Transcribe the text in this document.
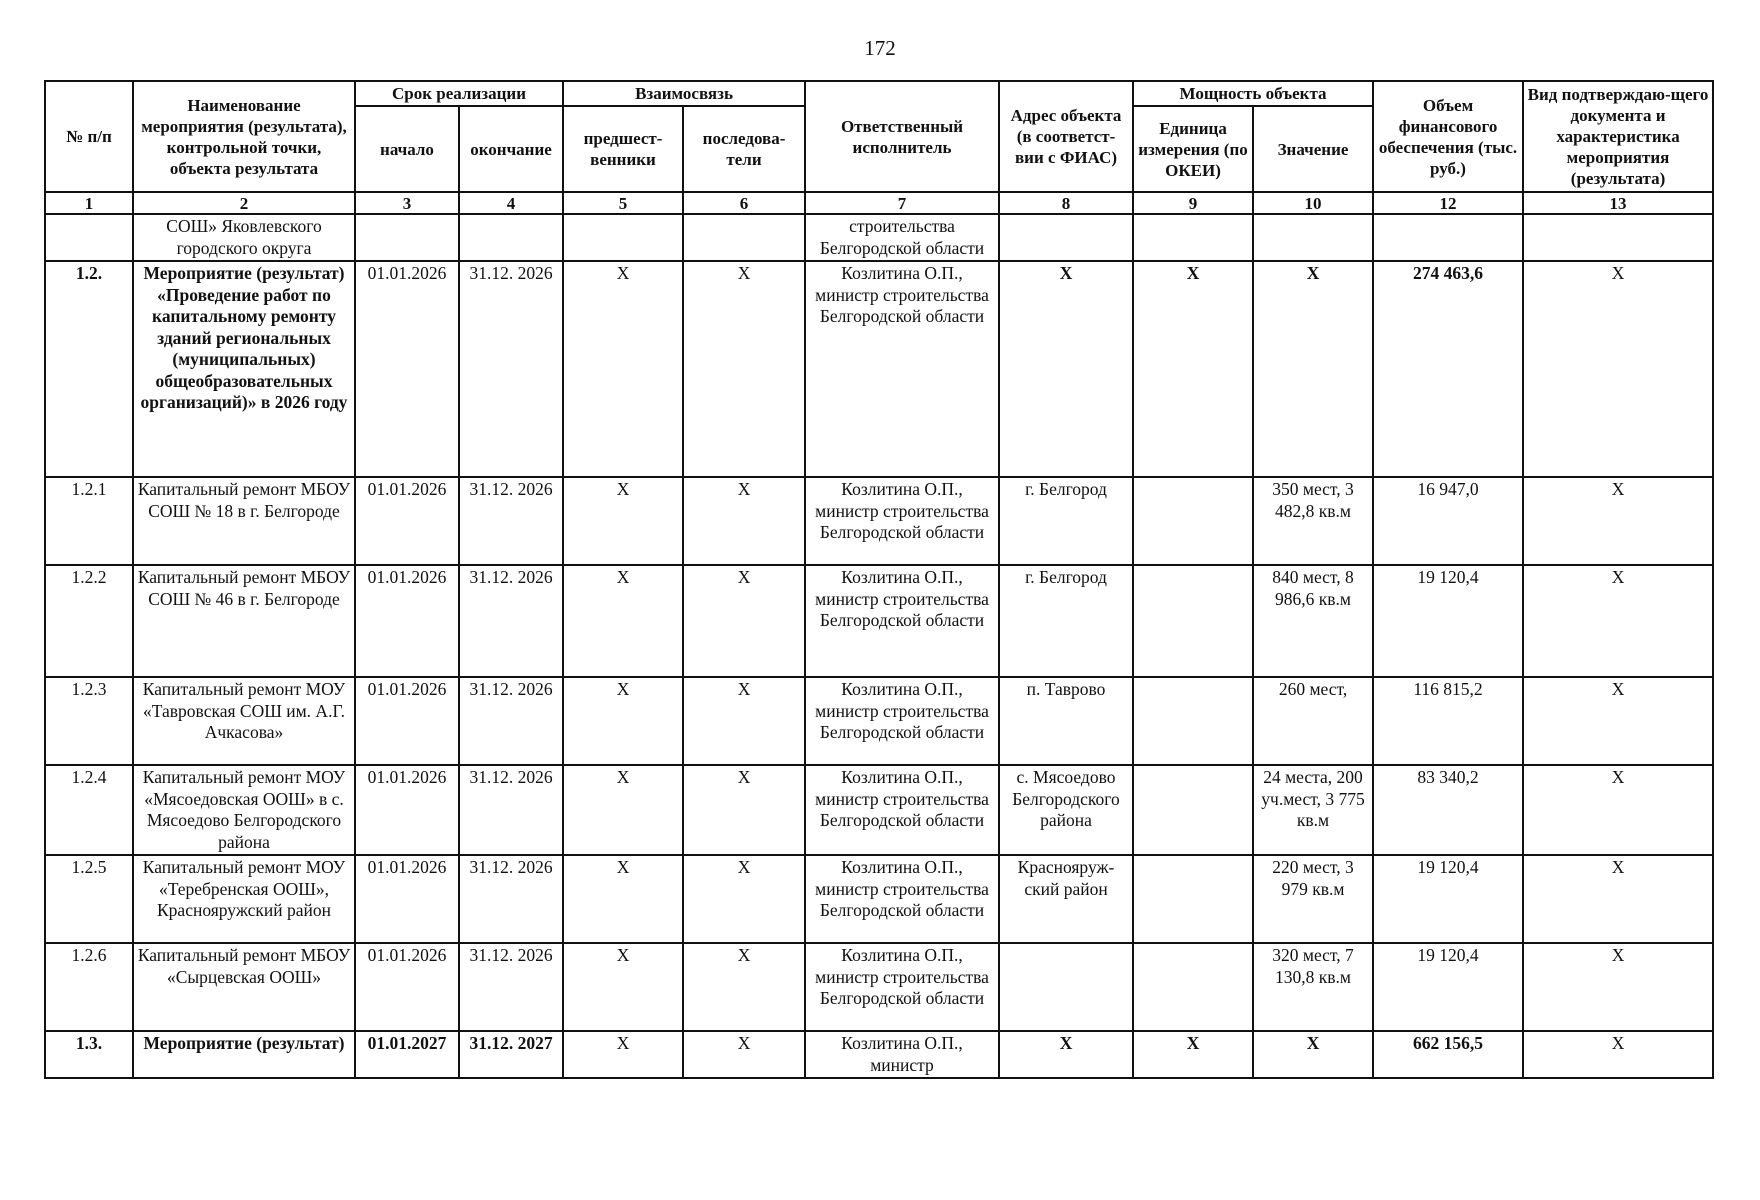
172
№ п/п	Наименование мероприятия (результата), контрольной точки, объекта результата	Срок реализации		Взаимосвязь		Ответственный исполнитель	Адрес объекта (в соответст-вии с ФИАС)	Мощность объекта		Объем финансового обеспечения (тыс. руб.)	Вид подтверждаю-щего документа и характеристика мероприятия (результата)
		начало	окончание	предшест-венники	последова-тели			Единица измерения (по ОКЕИ)	Значение		
1	2	3	4	5	6	7	8	9	10	12	13
	СОШ» Яковлевского городского округа					строительства Белгородской области					
1.2.	Мероприятие (результат) «Проведение работ по капитальному ремонту зданий региональных (муниципальных) общеобразовательных организаций)» в 2026 году	01.01.2026	31.12. 2026	X	X	Козлитина О.П., министр строительства Белгородской области	X	X	X	274 463,6	X
1.2.1	Капитальный ремонт МБОУ СОШ № 18 в г. Белгороде	01.01.2026	31.12. 2026	X	X	Козлитина О.П., министр строительства Белгородской области	г. Белгород		350 мест, 3 482,8 кв.м	16 947,0	X
1.2.2	Капитальный ремонт МБОУ СОШ № 46 в г. Белгороде	01.01.2026	31.12. 2026	X	X	Козлитина О.П., министр строительства Белгородской области	г. Белгород		840 мест, 8 986,6 кв.м	19 120,4	X
1.2.3	Капитальный ремонт МОУ «Тавровская СОШ им. А.Г. Ачкасова»	01.01.2026	31.12. 2026	X	X	Козлитина О.П., министр строительства Белгородской области	п. Таврово		260 мест,	116 815,2	X
1.2.4	Капитальный ремонт МОУ «Мясоедовская ООШ» в с. Мясоедово Белгородского района	01.01.2026	31.12. 2026	X	X	Козлитина О.П., министр строительства Белгородской области	с. Мясоедово Белгородского района		24 места, 200 уч.мест, 3 775 кв.м	83 340,2	X
1.2.5	Капитальный ремонт МОУ «Теребренская ООШ», Краснояружский район	01.01.2026	31.12. 2026	X	X	Козлитина О.П., министр строительства Белгородской области	Краснояруж-ский район		220 мест, 3 979 кв.м	19 120,4	X
1.2.6	Капитальный ремонт МБОУ «Сырцевская ООШ»	01.01.2026	31.12. 2026	X	X	Козлитина О.П., министр строительства Белгородской области			320 мест, 7 130,8 кв.м	19 120,4	X
1.3.	Мероприятие (результат)	01.01.2027	31.12. 2027	X	X	Козлитина О.П., министр	X	X	X	662 156,5	X
